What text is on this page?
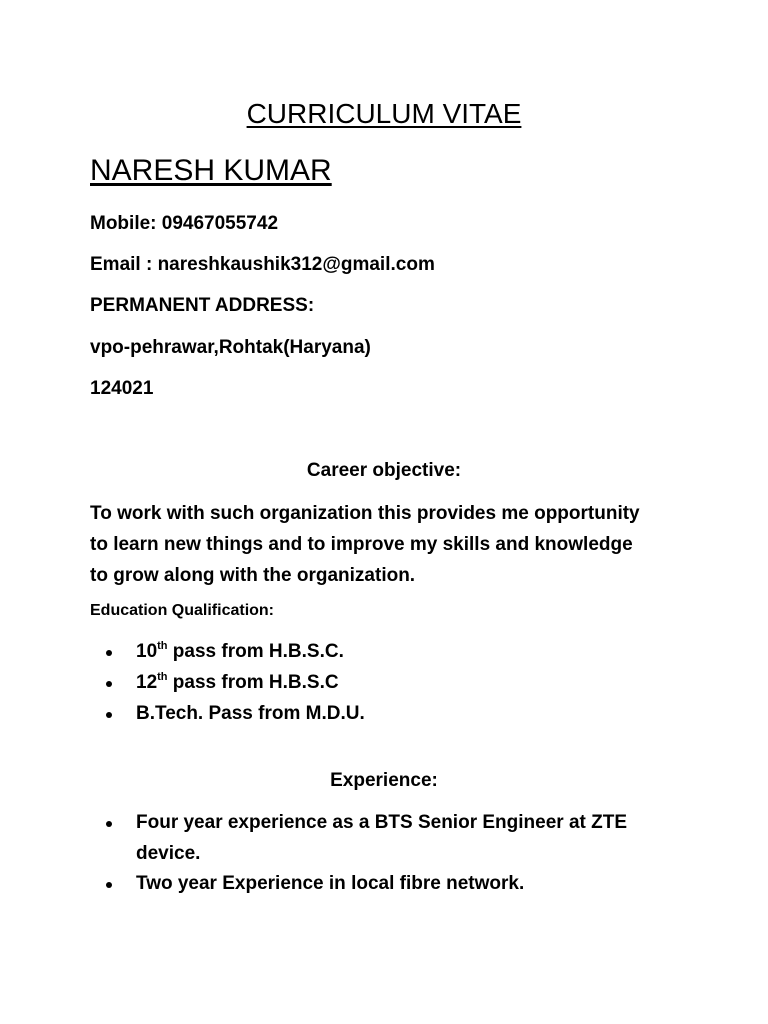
CURRICULUM VITAE
NARESH KUMAR
Mobile: 09467055742
Email : nareshkaushik312@gmail.com
PERMANENT ADDRESS:
vpo-pehrawar,Rohtak(Haryana)
124021
Career objective:
To work with such organization this provides me opportunity
to learn new things and to improve my skills and knowledge
to grow along with the organization.
Education Qualification:
10th pass from H.B.S.C.
12th pass from H.B.S.C
B.Tech. Pass from M.D.U.
Experience:
Four year experience as a BTS Senior Engineer at ZTE
device.
Two year Experience in local fibre network.
